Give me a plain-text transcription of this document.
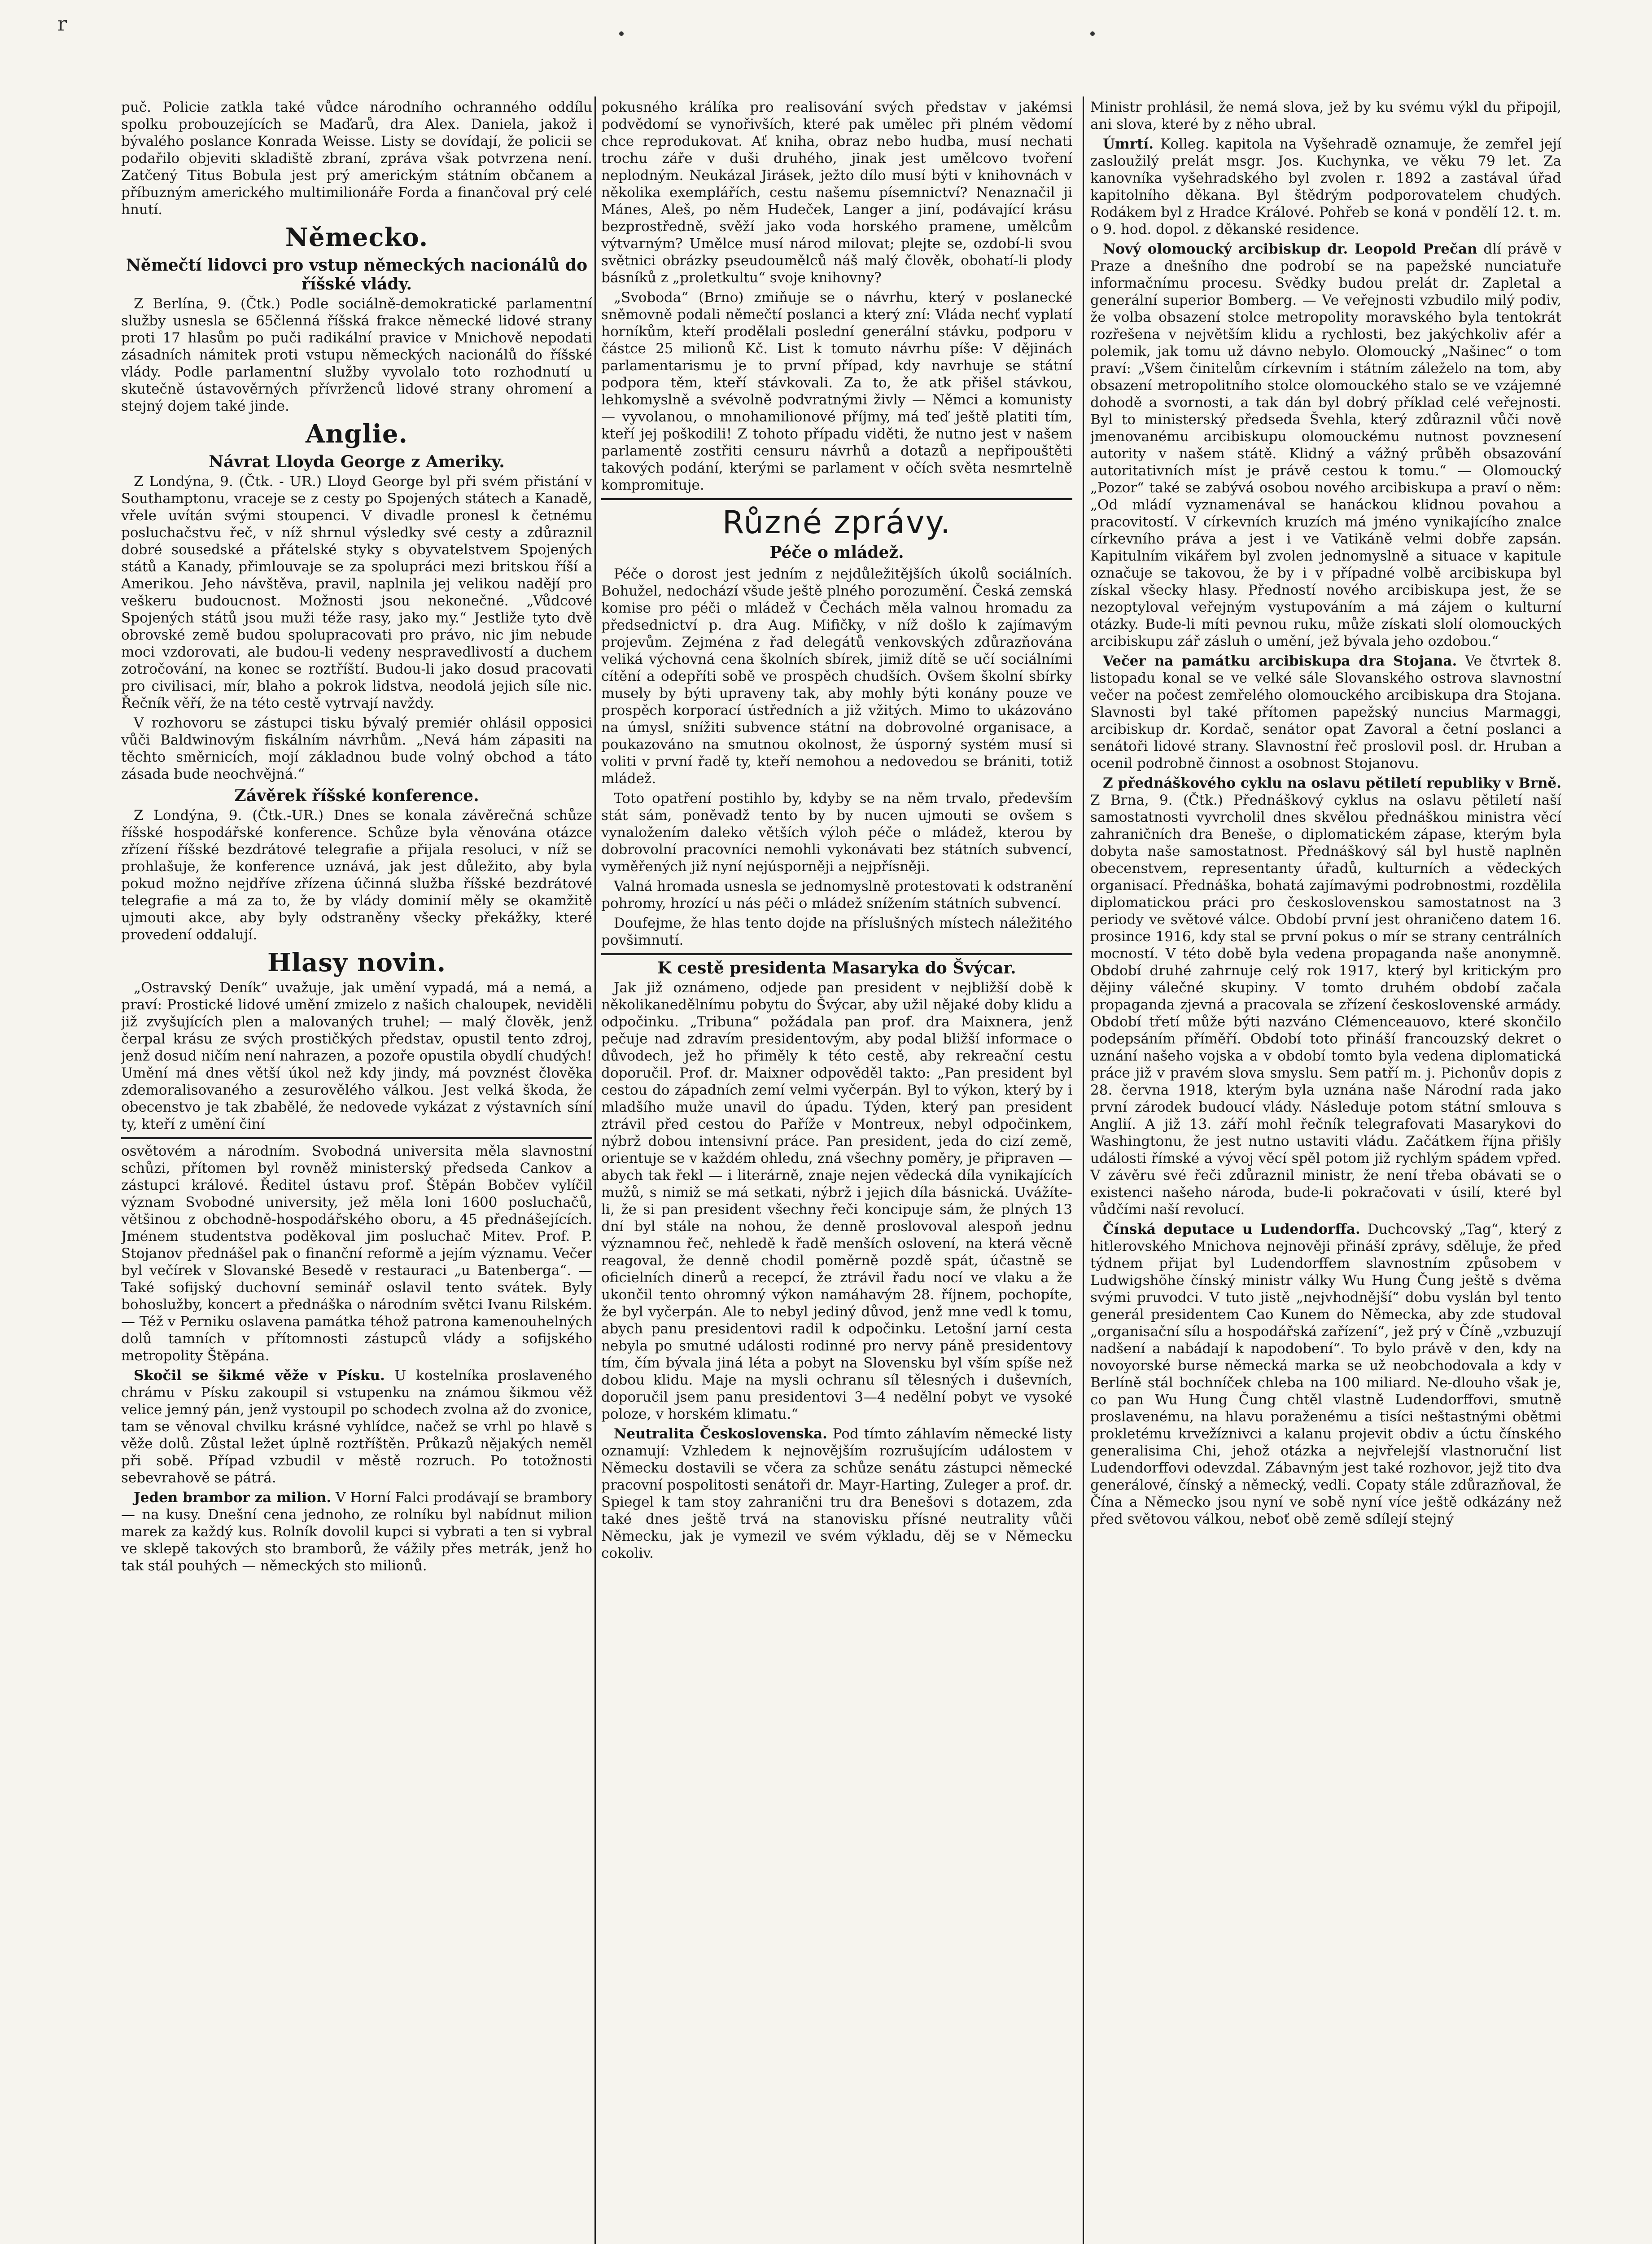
r

puč. Policie zatkla také vůdce národního ochranného oddílu spolku probouzejících se Maďarů, dra Alex. Daniela, jakož i bývalého poslance Konrada Weisse. Listy se dovídají, že policii se podařilo objeviti skladiště zbraní, zpráva však potvrzena není. Zatčený Titus Bobula jest prý americkým státním občanem a příbuzným amerického multimilionáře Forda a finančoval prý celé hnutí.

Německo.
Němečtí lidovci pro vstup německých nacionálů do říšské vlády.

Z Berlína, 9. (Čtk.) Podle sociálně-demokratické parlamentní služby usnesla se 65členná říšská frakce německé lidové strany proti 17 hlasům po puči radikální pravice v Mnichově nepodati zásadních námitek proti vstupu německých nacionálů do říšské vlády. Podle parlamentní služby vyvolalo toto rozhodnutí u skutečně ústavověrných přívrženců lidové strany ohromení a stejný dojem také jinde.

Anglie.
Návrat Lloyda George z Ameriky.

Z Londýna, 9. (Čtk. - UR.) Lloyd George byl při svém přistání v Southamptonu, vraceje se z cesty po Spojených státech a Kanadě, vřele uvítán svými stoupenci. V divadle pronesl k četnému posluchačstvu řeč, v níž shrnul výsledky své cesty a zdůraznil dobré sousedské a přátelské styky s obyvatelstvem Spojených států a Kanady, přimlouvaje se za spolupráci mezi britskou říší a Amerikou. Jeho návštěva, pravil, naplnila jej velikou nadějí pro veškeru budoucnost. Možnosti jsou nekonečné. „Vůdcové Spojených států jsou muži téže rasy, jako my.“ Jestliže tyto dvě obrovské země budou spolupracovati pro právo, nic jim nebude moci vzdorovati, ale budou-li vedeny nespravedlivostí a duchem zotročování, na konec se roztříští. Budou-li jako dosud pracovati pro civilisaci, mír, blaho a pokrok lidstva, neodolá jejich síle nic. Řečník věří, že na této cestě vytrvají navždy.

V rozhovoru se zástupci tisku bývalý premiér ohlásil opposici vůči Baldwinovým fiskálním návrhům. „Nevá hám zápasiti na těchto směrnicích, mojí základnou bude volný obchod a táto zásada bude neochvějná.“

Závěrek říšské konference.

Z Londýna, 9. (Čtk.-UR.) Dnes se konala závěrečná schůze říšské hospodářské konference. Schůze byla věnována otázce zřízení říšské bezdrátové telegrafie a přijala resoluci, v níž se prohlašuje, že konference uznává, jak jest důležito, aby byla pokud možno nejdříve zřízena účinná služba říšské bezdrátové telegrafie a má za to, že by vlády dominií měly se okamžitě ujmouti akce, aby byly odstraněny všecky překážky, které provedení oddalují.

Hlasy novin.

„Ostravský Deník“ uvažuje, jak umění vypadá, má a nemá, a praví: Prostické lidové umění zmizelo z našich chaloupek, neviděli již zvyšujících plen a malovaných truhel; — malý člověk, jenž čerpal krásu ze svých prostičkých představ, opustil tento zdroj, jenž dosud ničím není nahrazen, a pozoře opustila obydlí chudých! Umění má dnes větší úkol než kdy jindy, má povznést člověka zdemoralisovaného a zesurovělého válkou. Jest velká škoda, že obecenstvo je tak zbabělé, že nedovede vykázat z výstavních síní ty, kteří z umění činí

osvětovém a národním. Svobodná universita měla slavnostní schůzi, přítomen byl rovněž ministerský předseda Cankov a zástupci králové. Ředitel ústavu prof. Štěpán Bobčev vylíčil význam Svobodné university, jež měla loni 1600 posluchačů, většinou z obchodně-hospodářského oboru, a 45 přednášejících. Jménem studentstva poděkoval jim posluchač Mitev. Prof. P. Stojanov přednášel pak o finanční reformě a jejím významu. Večer byl večírek v Slovanské Besedě v restauraci „u Batenberga“. — Také sofijský duchovní seminář oslavil tento svátek. Byly bohoslužby, koncert a přednáška o národním světci Ivanu Rilském. — Též v Perniku oslavena památka téhož patrona kamenouhelných dolů tamních v přítomnosti zástupců vlády a sofijského metropolity Štěpána.

Skočil se šikmé věže v Písku. U kostelníka proslaveného chrámu v Písku zakoupil si vstupenku na známou šikmou věž velice jemný pán, jenž vystoupil po schodech zvolna až do zvonice, tam se věnoval chvilku krásné vyhlídce, načež se vrhl po hlavě s věže dolů. Zůstal ležet úplně roztříštěn. Průkazů nějakých neměl při sobě. Případ vzbudil v městě rozruch. Po totožnosti sebevrahově se pátrá.

Jeden brambor za milion. V Horní Falci prodávají se brambory — na kusy. Dnešní cena jednoho, ze rolníku byl nabídnut milion marek za každý kus. Rolník dovolil kupci si vybrati a ten si vybral ve sklepě takových sto bramborů, že vážily přes metrák, jenž ho tak stál pouhých — německých sto milionů.

pokusného králíka pro realisování svých představ v jakémsi podvědomí se vynořivších, které pak umělec při plném vědomí chce reprodukovat. Ať kniha, obraz nebo hudba, musí nechati trochu záře v duši druhého, jinak jest umělcovo tvoření neplodným. Neukázal Jirásek, ježto dílo musí býti v knihovnách v několika exemplářích, cestu našemu písemnictví? Nenaznačil ji Mánes, Aleš, po něm Hudeček, Langer a jiní, podávající krásu bezprostředně, svěží jako voda horského pramene, umělcům výtvarným? Umělce musí národ milovat; plejte se, ozdobí-li svou světnici obrázky pseudoumělců náš malý člověk, obohatí-li plody básníků z „proletkultu“ svoje knihovny?

„Svoboda“ (Brno) zmiňuje se o návrhu, který v poslanecké sněmovně podali němečtí poslanci a který zní: Vláda nechť vyplatí horníkům, kteří prodělali poslední generální stávku, podporu v částce 25 milionů Kč. List k tomuto návrhu píše: V dějinách parlamentarismu je to první případ, kdy navrhuje se státní podpora těm, kteří stávkovali. Za to, že atk přišel stávkou, lehkomyslně a svévolně podvratnými živly — Němci a komunisty — vyvolanou, o mnohamilionové příjmy, má teď ještě platiti tím, kteří jej poškodili! Z tohoto případu viděti, že nutno jest v našem parlamentě zostřiti censuru návrhů a dotazů a nepřipouštěti takových podání, kterými se parlament v očích světa nesmrtelně kompromituje.

Různé zprávy.
Péče o mládež.

Péče o dorost jest jedním z nejdůležitějších úkolů sociálních. Bohužel, nedochází všude ještě plného porozumění. Česká zemská komise pro péči o mládež v Čechách měla valnou hromadu za předsednictví p. dra Aug. Mifičky, v níž došlo k zajímavým projevům. Zejména z řad delegátů venkovských zdůrazňována veliká výchovná cena školních sbírek, jimiž dítě se učí sociálními cítění a odepříti sobě ve prospěch chudších. Ovšem školní sbírky musely by býti upraveny tak, aby mohly býti konány pouze ve prospěch korporací ústředních a již vžitých. Mimo to ukázováno na úmysl, snížiti subvence státní na dobrovolné organisace, a poukazováno na smutnou okolnost, že úsporný systém musí si voliti v první řadě ty, kteří nemohou a nedovedou se brániti, totiž mládež.

Toto opatření postihlo by, kdyby se na něm trvalo, především stát sám, poněvadž tento by by nucen ujmouti se ovšem s vynaložením daleko větších výloh péče o mládež, kterou by dobrovolní pracovníci nemohli vykonávati bez státních subvencí, vyměřených již nyní nejúsporněji a nejpřísněji.

Valná hromada usnesla se jednomyslně protestovati k odstranění pohromy, hrozící u nás péči o mládež snížením státních subvencí.

Doufejme, že hlas tento dojde na příslušných místech náležitého povšimnutí.

K cestě presidenta Masaryka do Švýcar.

Jak již oznámeno, odjede pan president v nejbližší době k několikanedělnímu pobytu do Švýcar, aby užil nějaké doby klidu a odpočinku. „Tribuna“ požádala pan prof. dra Maixnera, jenž pečuje nad zdravím presidentovým, aby podal bližší informace o důvodech, jež ho přiměly k této cestě, aby rekreační cestu doporučil. Prof. dr. Maixner odpověděl takto: „Pan president byl cestou do západních zemí velmi vyčerpán. Byl to výkon, který by i mladšího muže unavil do úpadu. Týden, který pan president ztrávil před cestou do Paříže v Montreux, nebyl odpočinkem, nýbrž dobou intensivní práce. Pan president, jeda do cizí země, orientuje se v každém ohledu, zná všechny poměry, je připraven — abych tak řekl — i literárně, znaje nejen vědecká díla vynikajících mužů, s nimiž se má setkati, nýbrž i jejich díla básnická. Uvážíte-li, že si pan president všechny řeči koncipuje sám, že plných 13 dní byl stále na nohou, že denně proslovoval alespoň jednu významnou řeč, nehledě k řadě menších oslovení, na která věcně reagoval, že denně chodil poměrně pozdě spát, účastně se oficielních dinerů a recepcí, že ztrávil řadu nocí ve vlaku a že ukončil tento ohromný výkon namáhavým 28. říjnem, pochopíte, že byl vyčerpán. Ale to nebyl jediný důvod, jenž mne vedl k tomu, abych panu presidentovi radil k odpočinku. Letošní jarní cesta nebyla po smutné události rodinné pro nervy páně presidentovy tím, čím bývala jiná léta a pobyt na Slovensku byl vším spíše než dobou klidu. Maje na mysli ochranu síl tělesných i duševních, doporučil jsem panu presidentovi 3—4 nedělní pobyt ve vysoké poloze, v horském klimatu.“

Neutralita Československa. Pod tímto záhlavím německé listy oznamují: Vzhledem k nejnovějším rozrušujícím událostem v Německu dostavili se včera za schůze senátu zástupci německé pracovní pospolitosti senátoři dr. Mayr-Harting, Zuleger a prof. dr. Spiegel k tam stoy zahranični tru dra Benešovi s dotazem, zda také dnes ještě trvá na stanovisku přísné neutrality vůči Německu, jak je vymezil ve svém výkladu, děj se v Německu cokoliv.

Ministr prohlásil, že nemá slova, jež by ku svému výkl du připojil, ani slova, které by z něho ubral.

Úmrtí. Kolleg. kapitola na Vyšehradě oznamuje, že zemřel její zasloužilý prelát msgr. Jos. Kuchynka, ve věku 79 let. Za kanovníka vyšehradského byl zvolen r. 1892 a zastával úřad kapitolního děkana. Byl štědrým podporovatelem chudých. Rodákem byl z Hradce Králové. Pohřeb se koná v pondělí 12. t. m. o 9. hod. dopol. z děkanské residence.

Nový olomoucký arcibiskup dr. Leopold Prečan dlí právě v Praze a dnešního dne podrobí se na papežské nunciatuře informačnímu procesu. Svědky budou prelát dr. Zapletal a generální superior Bomberg. — Ve veřejnosti vzbudilo milý podiv, že volba obsazení stolce metropolity moravského byla tentokrát rozřešena v největším klidu a rychlosti, bez jakýchkoliv afér a polemik, jak tomu už dávno nebylo. Olomoucký „Našinec“ o tom praví: „Všem činitelům církevním i státním záleželo na tom, aby obsazení metropolitního stolce olomouckého stalo se ve vzájemné dohodě a svornosti, a tak dán byl dobrý příklad celé veřejnosti. Byl to ministerský předseda Švehla, který zdůraznil vůči nově jmenovanému arcibiskupu olomouckému nutnost povznesení autority v našem státě. Klidný a vážný průběh obsazování autoritativních míst je právě cestou k tomu.“ — Olomoucký „Pozor“ také se zabývá osobou nového arcibiskupa a praví o něm: „Od mládí vyznamenával se hanáckou klidnou povahou a pracovitostí. V církevních kruzích má jméno vynikajícího znalce církevního práva a jest i ve Vatikáně velmi dobře zapsán. Kapitulním vikářem byl zvolen jednomyslně a situace v kapitule označuje se takovou, že by i v případné volbě arcibiskupa byl získal všecky hlasy. Předností nového arcibiskupa jest, že se nezoptyloval veřejným vystupováním a má zájem o kulturní otázky. Bude-li míti pevnou ruku, může získati slolí olomouckých arcibiskupu zář zásluh o umění, jež bývala jeho ozdobou.“

Večer na památku arcibiskupa dra Stojana. Ve čtvrtek 8. listopadu konal se ve velké sále Slovanského ostrova slavnostní večer na počest zemřelého olomouckého arcibiskupa dra Stojana. Slavnosti byl také přítomen papežský nuncius Marmaggi, arcibiskup dr. Kordač, senátor opat Zavoral a četní poslanci a senátoři lidové strany. Slavnostní řeč proslovil posl. dr. Hruban a ocenil podrobně činnost a osobnost Stojanovu.

Z přednáškového cyklu na oslavu pětiletí republiky v Brně. Z Brna, 9. (Čtk.) Přednáškový cyklus na oslavu pětiletí naší samostatnosti vyvrcholil dnes skvělou přednáškou ministra věcí zahraničních dra Beneše, o diplomatickém zápase, kterým byla dobyta naše samostatnost. Přednáškový sál byl hustě naplněn obecenstvem, representanty úřadů, kulturních a vědeckých organisací. Přednáška, bohatá zajímavými podrobnostmi, rozdělila diplomatickou práci pro československou samostatnost na 3 periody ve světové válce. Období první jest ohraničeno datem 16. prosince 1916, kdy stal se první pokus o mír se strany centrálních mocností. V této době byla vedena propaganda naše anonymně. Období druhé zahrnuje celý rok 1917, který byl kritickým pro dějiny válečné skupiny. V tomto druhém období začala propaganda zjevná a pracovala se zřízení československé armády. Období třetí může býti nazváno Clémenceauovo, které skončilo podepsáním příměří. Období toto přináší francouzský dekret o uznání našeho vojska a v období tomto byla vedena diplomatická práce již v pravém slova smyslu. Sem patří m. j. Pichonův dopis z 28. června 1918, kterým byla uznána naše Národní rada jako první zárodek budoucí vlády. Následuje potom státní smlouva s Anglií. A již 13. září mohl řečník telegrafovati Masarykovi do Washingtonu, že jest nutno ustaviti vládu. Začátkem října přišly události římské a vývoj věcí spěl potom již rychlým spádem vpřed. V závěru své řeči zdůraznil ministr, že není třeba obávati se o existenci našeho národa, bude-li pokračovati v úsilí, které byl vůdčími naší revolucí.

Čínská deputace u Ludendorffa. Duchcovský „Tag“, který z hitlerovského Mnichova nejnověji přináší zprávy, sděluje, že před týdnem přijat byl Ludendorffem slavnostním způsobem v Ludwigshöhe čínský ministr války Wu Hung Čung ještě s dvěma svými pruvodci. V tuto jistě „nejvhodnější“ dobu vyslán byl tento generál presidentem Cao Kunem do Německa, aby zde studoval „organisační sílu a hospodářská zařízení“, jež prý v Číně „vzbuzují nadšení a nabádají k napodobení“. To bylo právě v den, kdy na novoyorské burse německá marka se už neobchodovala a kdy v Berlíně stál bochníček chleba na 100 miliard. Ne-dlouho však je, co pan Wu Hung Čung chtěl vlastně Ludendorffovi, smutně proslavenému, na hlavu poraženému a tisíci neštastnými obětmi prokletému krvežíznivci a kalanu projevit obdiv a úctu čínského generalisima Chi, jehož otázka a nejvřelejší vlastnoruční list Ludendorffovi odevzdal. Zábavným jest také rozhovor, jejž tito dva generálové, čínský a německý, vedli. Copaty stále zdůrazňoval, že Čína a Německo jsou nyní ve sobě nyní více ještě odkázány než před světovou válkou, neboť obě země sdílejí stejný
